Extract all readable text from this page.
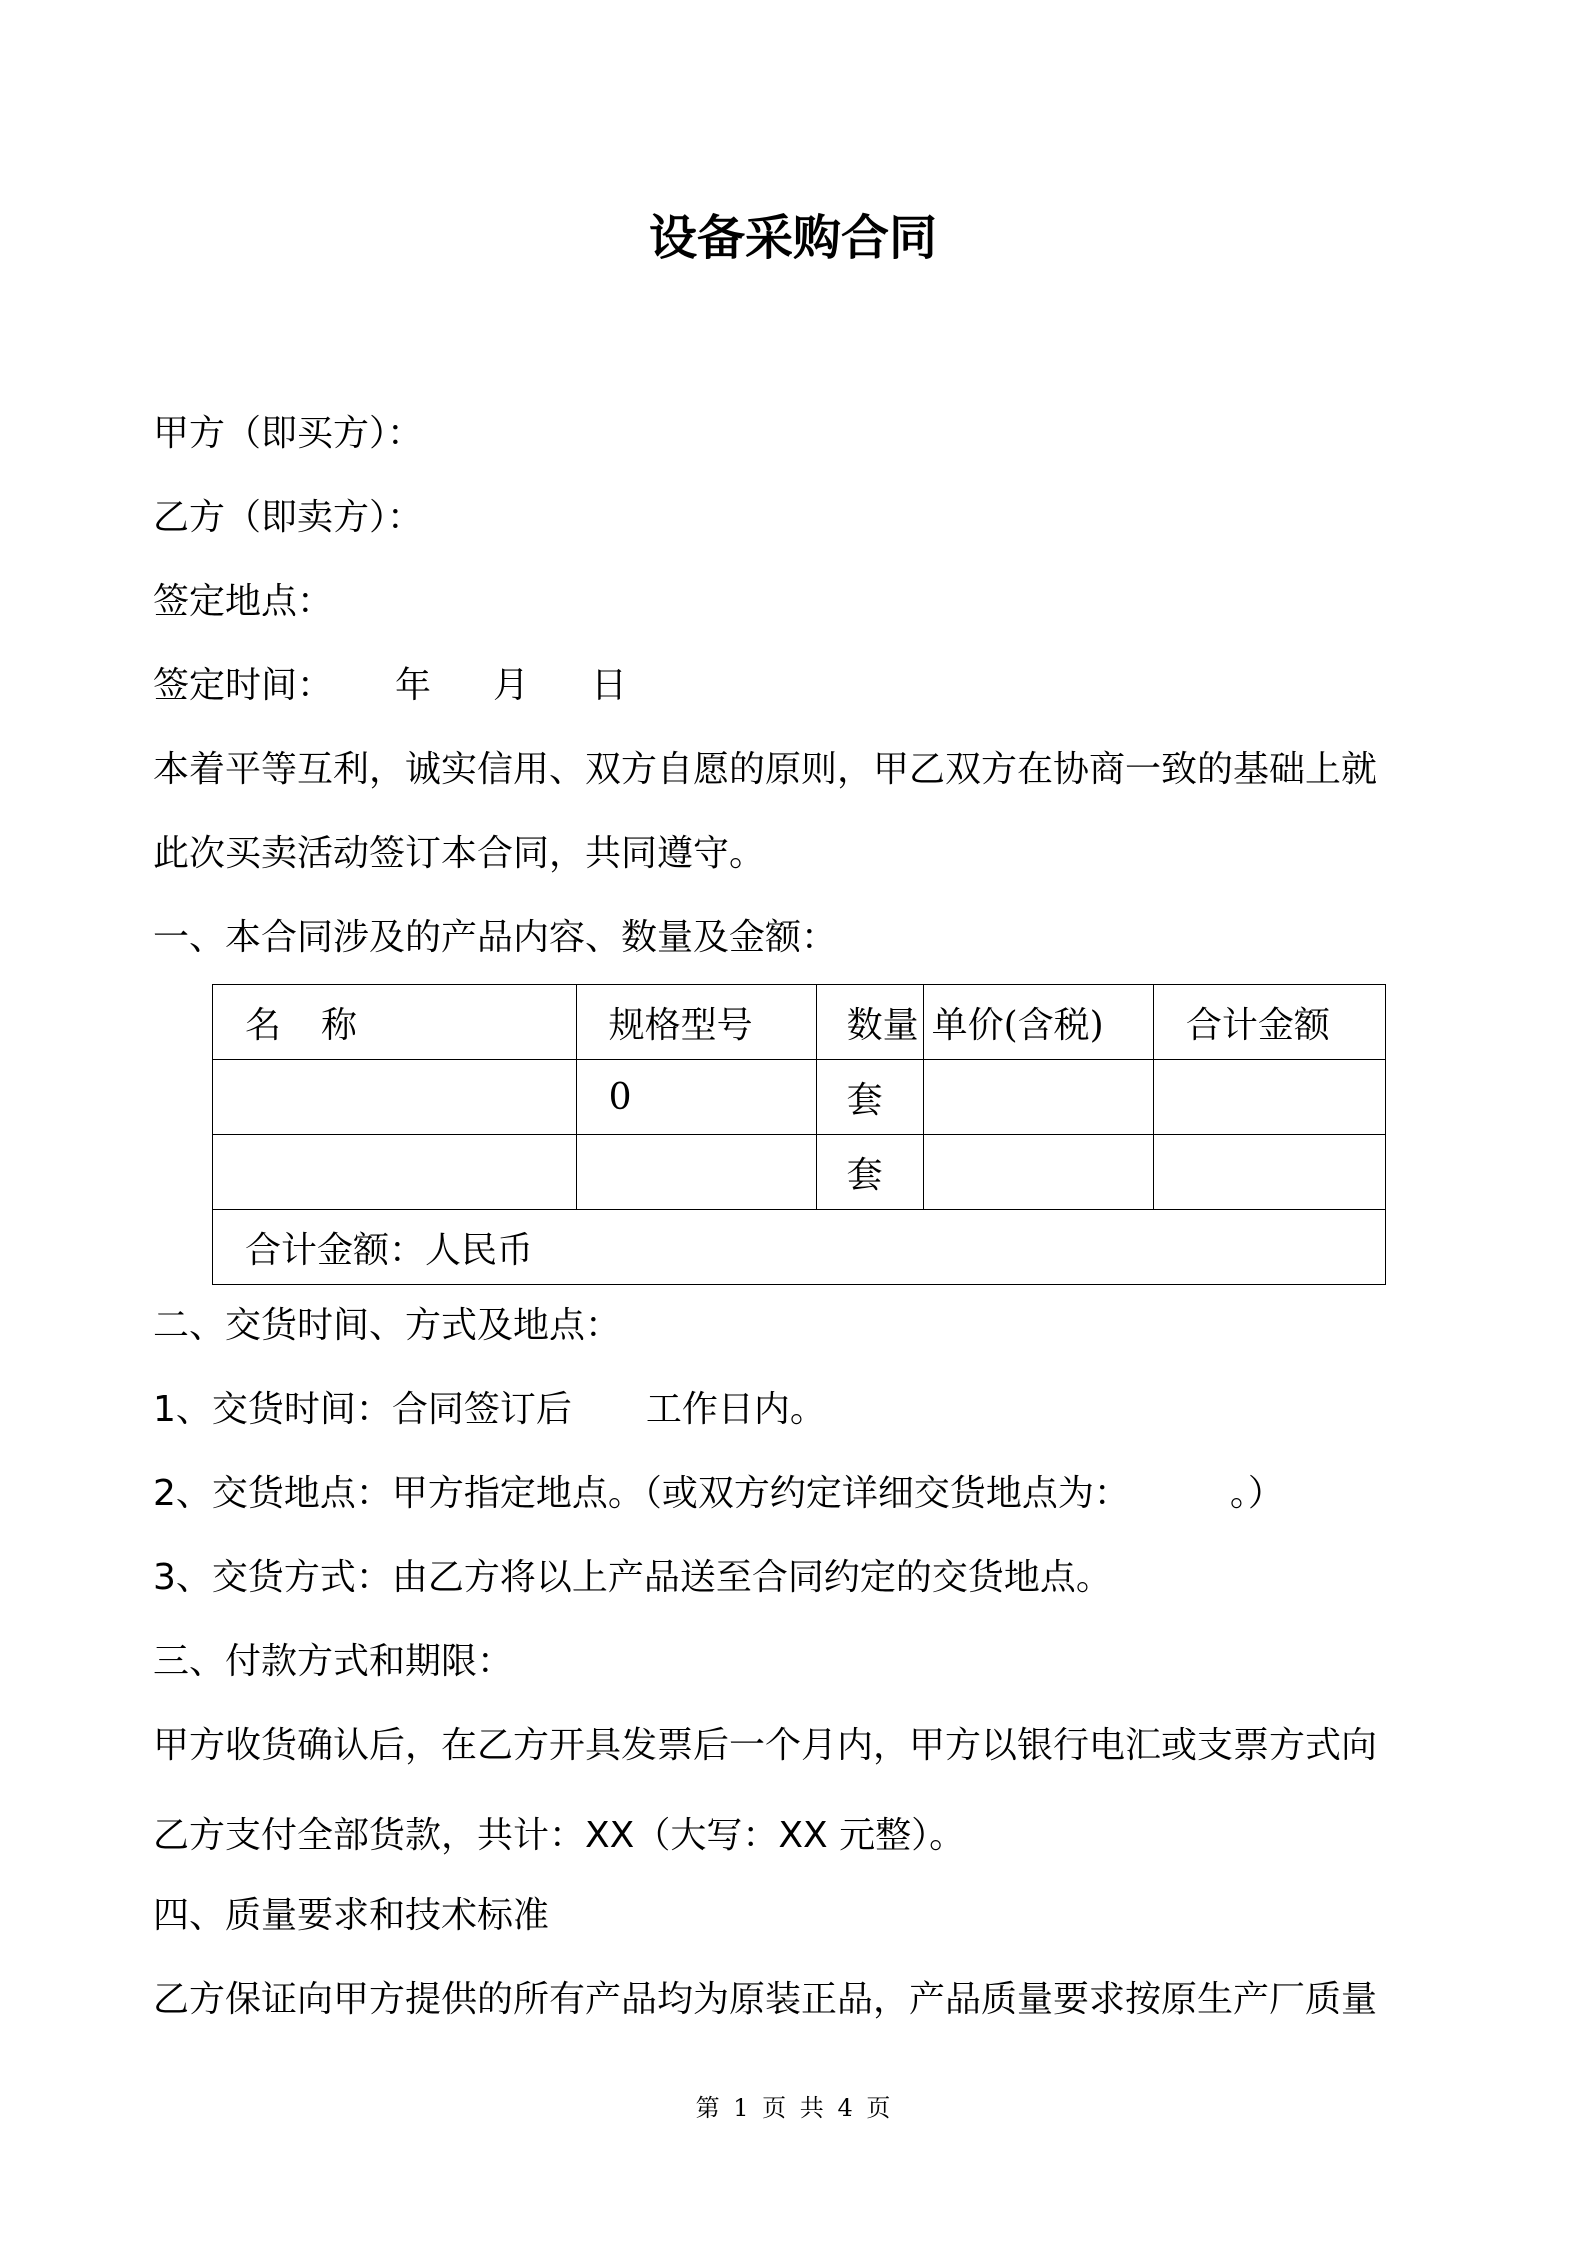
设备采购合同
甲方（即买方）：
乙方（即卖方）：
签定地点：
签定时间： 年 月 日
本着平等互利，诚实信用、双方自愿的原则，甲乙双方在协商一致的基础上就
此次买卖活动签订本合同，共同遵守。
一、本合同涉及的产品内容、数量及金额：
名 称	规格型号	数量	单价(含税)	合计金额
	0	套		
		套		
合计金额：人民币				
二、交货时间、方式及地点：
1、交货时间：合同签订后 工作日内。
2、交货地点：甲方指定地点。（或双方约定详细交货地点为：	。）
3、交货方式：由乙方将以上产品送至合同约定的交货地点。
三、付款方式和期限：
甲方收货确认后，在乙方开具发票后一个月内，甲方以银行电汇或支票方式向
乙方支付全部货款，共计：XX（大写：XX 元整）。
四、质量要求和技术标准
乙方保证向甲方提供的所有产品均为原装正品，产品质量要求按原生产厂质量
第 1 页 共 4 页
